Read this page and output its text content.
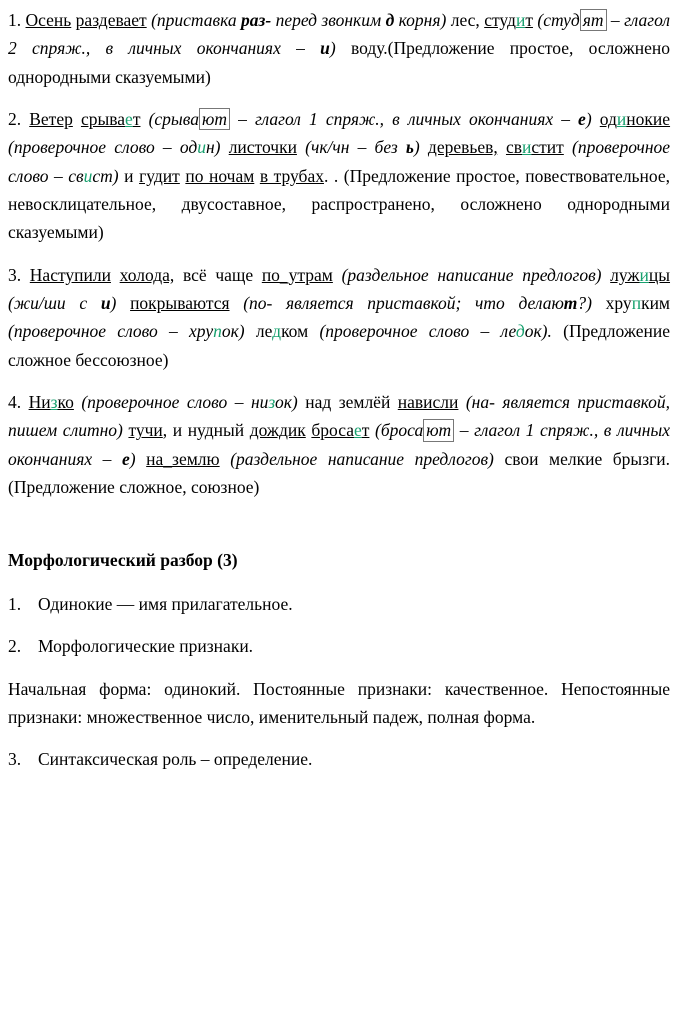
1. Осень раздевает (приставка раз- перед звонким д корня) лес, студит (студ ят – глагол 2 спряж., в личных окончаниях – и) воду.(Предложение простое, осложнено однородными сказуемыми)

2. Ветер срывает (срыва ют – глагол 1 спряж., в личных окончаниях – е) одинокие (проверочное слово – один) листочки (чк/чн – без ь) деревьев, свистит (проверочное слово – свист) и гудит по ночам в трубах. . (Предложение простое, повествовательное, невосклицательное, двусоставное, распространено, осложнено однородными сказуемыми)

3. Наступили холода, всё чаще по_утрам (раздельное написание предлогов) лужицы (жи/ши с и) покрываются (по- является приставкой; что делают?) хрупким (проверочное слово – хрупок) ледком (проверочное слово – ледок). (Предложение сложное бессоюзное)

4. Низко (проверочное слово – низок) над землёй нависли (на- является приставкой, пишем слитно) тучи, и нудный дождик бросает (броса ют – глагол 1 спряж., в личных окончаниях – е) на_землю (раздельное написание предлогов) свои мелкие брызги. (Предложение сложное, союзное)

Морфологический разбор (3)

1. Одинокие — имя прилагательное.
2. Морфологические признаки.

Начальная форма: одинокий. Постоянные признаки: качественное. Непостоянные признаки: множественное число, именительный падеж, полная форма.

3. Синтаксическая роль – определение.
